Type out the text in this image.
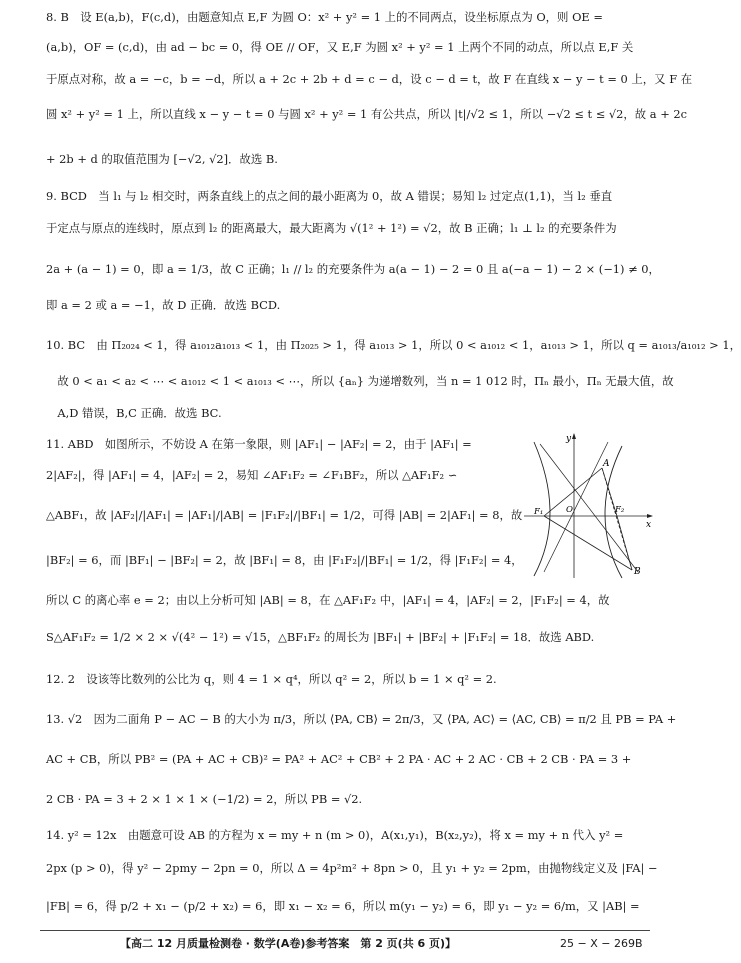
8. B　设 E(a,b)，F(c,d)，由题意知点 E,F 为圆 O：x² + y² = 1 上的不同两点，设坐标原点为 O，则 OE =
(a,b)，OF = (c,d)，由 ad − bc = 0，得 OE // OF，又 E,F 为圆 x² + y² = 1 上两个不同的动点，所以点 E,F 关
于原点对称，故 a = −c，b = −d，所以 a + 2c + 2b + d = c − d，设 c − d = t，故 F 在直线 x − y − t = 0 上，又 F 在
圆 x² + y² = 1 上，所以直线 x − y − t = 0 与圆 x² + y² = 1 有公共点，所以 |t|/√2 ≤ 1，所以 −√2 ≤ t ≤ √2，故 a + 2c
+ 2b + d 的取值范围为 [−√2, √2]．故选 B.
9. BCD　当 l₁ 与 l₂ 相交时，两条直线上的点之间的最小距离为 0，故 A 错误；易知 l₂ 过定点(1,1)，当 l₂ 垂直
于定点与原点的连线时，原点到 l₂ 的距离最大，最大距离为 √(1² + 1²) = √2，故 B 正确；l₁ ⊥ l₂ 的充要条件为
2a + (a − 1) = 0，即 a = 1/3，故 C 正确；l₁ // l₂ 的充要条件为 a(a − 1) − 2 = 0 且 a(−a − 1) − 2 × (−1) ≠ 0，
即 a = 2 或 a = −1，故 D 正确．故选 BCD.
10. BC　由 Π₂₀₂₄ < 1，得 a₁₀₁₂a₁₀₁₃ < 1，由 Π₂₀₂₅ > 1，得 a₁₀₁₃ > 1，所以 0 < a₁₀₁₂ < 1，a₁₀₁₃ > 1，所以 q = a₁₀₁₃/a₁₀₁₂ > 1，
　故 0 < a₁ < a₂ < ⋯ < a₁₀₁₂ < 1 < a₁₀₁₃ < ⋯，所以 {aₙ} 为递增数列，当 n = 1 012 时，Πₙ 最小，Πₙ 无最大值，故
　A,D 错误，B,C 正确．故选 BC.
11. ABD　如图所示，不妨设 A 在第一象限，则 |AF₁| − |AF₂| = 2，由于 |AF₁| =
2|AF₂|，得 |AF₁| = 4，|AF₂| = 2，易知 ∠AF₁F₂ = ∠F₁BF₂，所以 △AF₁F₂ ∽
△ABF₁，故 |AF₂|/|AF₁| = |AF₁|/|AB| = |F₁F₂|/|BF₁| = 1/2，可得 |AB| = 2|AF₁| = 8，故
|BF₂| = 6，而 |BF₁| − |BF₂| = 2，故 |BF₁| = 8，由 |F₁F₂|/|BF₁| = 1/2，得 |F₁F₂| = 4，
所以 C 的离心率 e = 2；由以上分析可知 |AB| = 8，在 △AF₁F₂ 中，|AF₁| = 4，|AF₂| = 2，|F₁F₂| = 4，故
S△AF₁F₂ = 1/2 × 2 × √(4² − 1²) = √15，△BF₁F₂ 的周长为 |BF₁| + |BF₂| + |F₁F₂| = 18．故选 ABD.
12. 2　设该等比数列的公比为 q，则 4 = 1 × q⁴，所以 q² = 2，所以 b = 1 × q² = 2.
13. √2　因为二面角 P − AC − B 的大小为 π/3，所以 ⟨PA, CB⟩ = 2π/3，又 ⟨PA, AC⟩ = ⟨AC, CB⟩ = π/2 且 PB = PA +
AC + CB，所以 PB² = (PA + AC + CB)² = PA² + AC² + CB² + 2 PA · AC + 2 AC · CB + 2 CB · PA = 3 +
2 CB · PA = 3 + 2 × 1 × 1 × (−1/2) = 2，所以 PB = √2.
14. y² = 12x　由题意可设 AB 的方程为 x = my + n (m > 0)，A(x₁,y₁)，B(x₂,y₂)，将 x = my + n 代入 y² =
2px (p > 0)，得 y² − 2pmy − 2pn = 0，所以 Δ = 4p²m² + 8pn > 0，且 y₁ + y₂ = 2pm，由抛物线定义及 |FA| −
|FB| = 6，得 p/2 + x₁ − (p/2 + x₂) = 6，即 x₁ − x₂ = 6，所以 m(y₁ − y₂) = 6，即 y₁ − y₂ = 6/m，又 |AB| =
y
x
A
B
F₁	F₂
O
【高二 12 月质量检测卷 · 数学(A卷)参考答案　第 2 页(共 6 页)】	25 − X − 269B
